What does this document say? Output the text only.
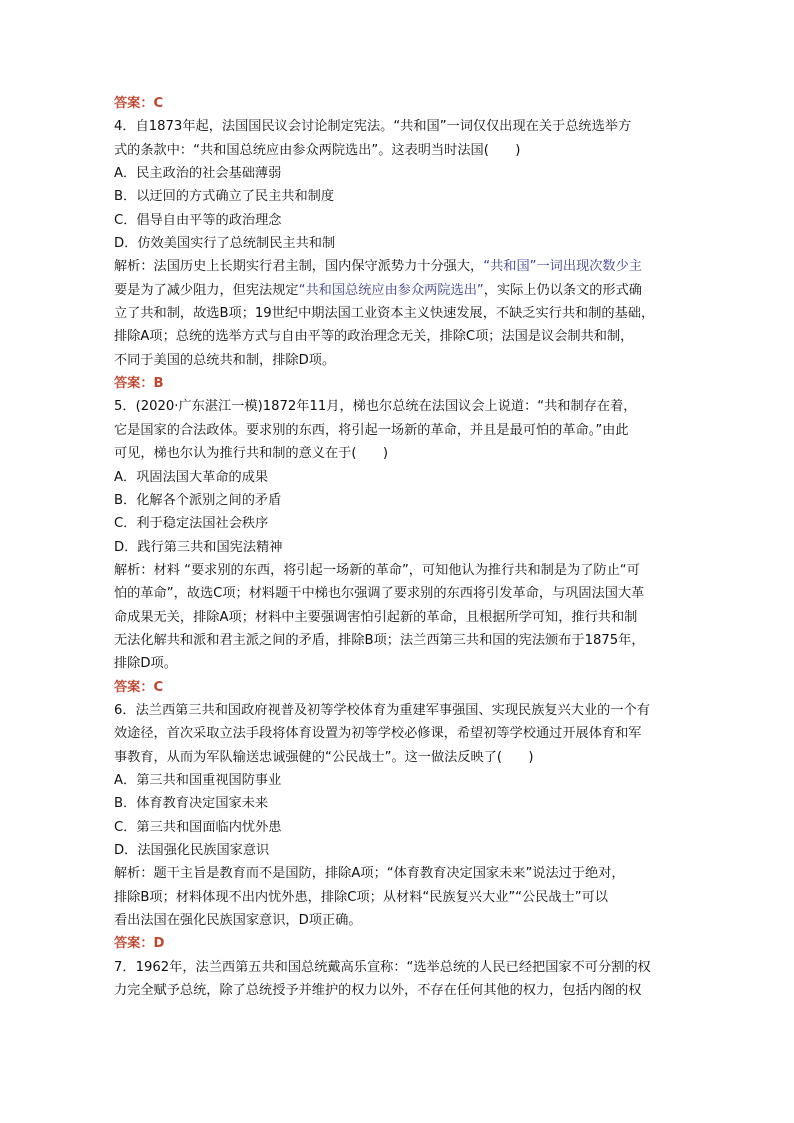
答案：C
4．自1873年起，法国国民议会讨论制定宪法。“共和国”一词仅仅出现在关于总统选举方
式的条款中：“共和国总统应由参众两院选出”。这表明当时法国(　　)
A．民主政治的社会基础薄弱
B．以迂回的方式确立了民主共和制度
C．倡导自由平等的政治理念
D．仿效美国实行了总统制民主共和制
解析：法国历史上长期实行君主制，国内保守派势力十分强大，“共和国”一词出现次数少主
要是为了减少阻力，但宪法规定“共和国总统应由参众两院选出”，实际上仍以条文的形式确
立了共和制，故选B项；19世纪中期法国工业资本主义快速发展，不缺乏实行共和制的基础，
排除A项；总统的选举方式与自由平等的政治理念无关，排除C项；法国是议会制共和制，
不同于美国的总统共和制，排除D项。
答案：B
5．(2020·广东湛江一模)1872年11月，梯也尔总统在法国议会上说道：“共和制存在着，
它是国家的合法政体。要求别的东西，将引起一场新的革命，并且是最可怕的革命。”由此
可见，梯也尔认为推行共和制的意义在于(　　)
A．巩固法国大革命的成果
B．化解各个派别之间的矛盾
C．利于稳定法国社会秩序
D．践行第三共和国宪法精神
解析：材料 “要求别的东西，将引起一场新的革命”，可知他认为推行共和制是为了防止“可
怕的革命”，故选C项；材料题干中梯也尔强调了要求别的东西将引发革命，与巩固法国大革
命成果无关，排除A项；材料中主要强调害怕引起新的革命，且根据所学可知，推行共和制
无法化解共和派和君主派之间的矛盾，排除B项；法兰西第三共和国的宪法颁布于1875年，
排除D项。
答案：C
6．法兰西第三共和国政府视普及初等学校体育为重建军事强国、实现民族复兴大业的一个有
效途径，首次采取立法手段将体育设置为初等学校必修课，希望初等学校通过开展体育和军
事教育，从而为军队输送忠诚强健的“公民战士”。这一做法反映了(　　)
A．第三共和国重视国防事业
B．体育教育决定国家未来
C．第三共和国面临内忧外患
D．法国强化民族国家意识
解析：题干主旨是教育而不是国防，排除A项；“体育教育决定国家未来”说法过于绝对，
排除B项；材料体现不出内忧外患，排除C项；从材料“民族复兴大业”“公民战士”可以
看出法国在强化民族国家意识，D项正确。
答案：D
7．1962年，法兰西第五共和国总统戴高乐宣称：“选举总统的人民已经把国家不可分割的权
力完全赋予总统，除了总统授予并维护的权力以外，不存在任何其他的权力，包括内阁的权
